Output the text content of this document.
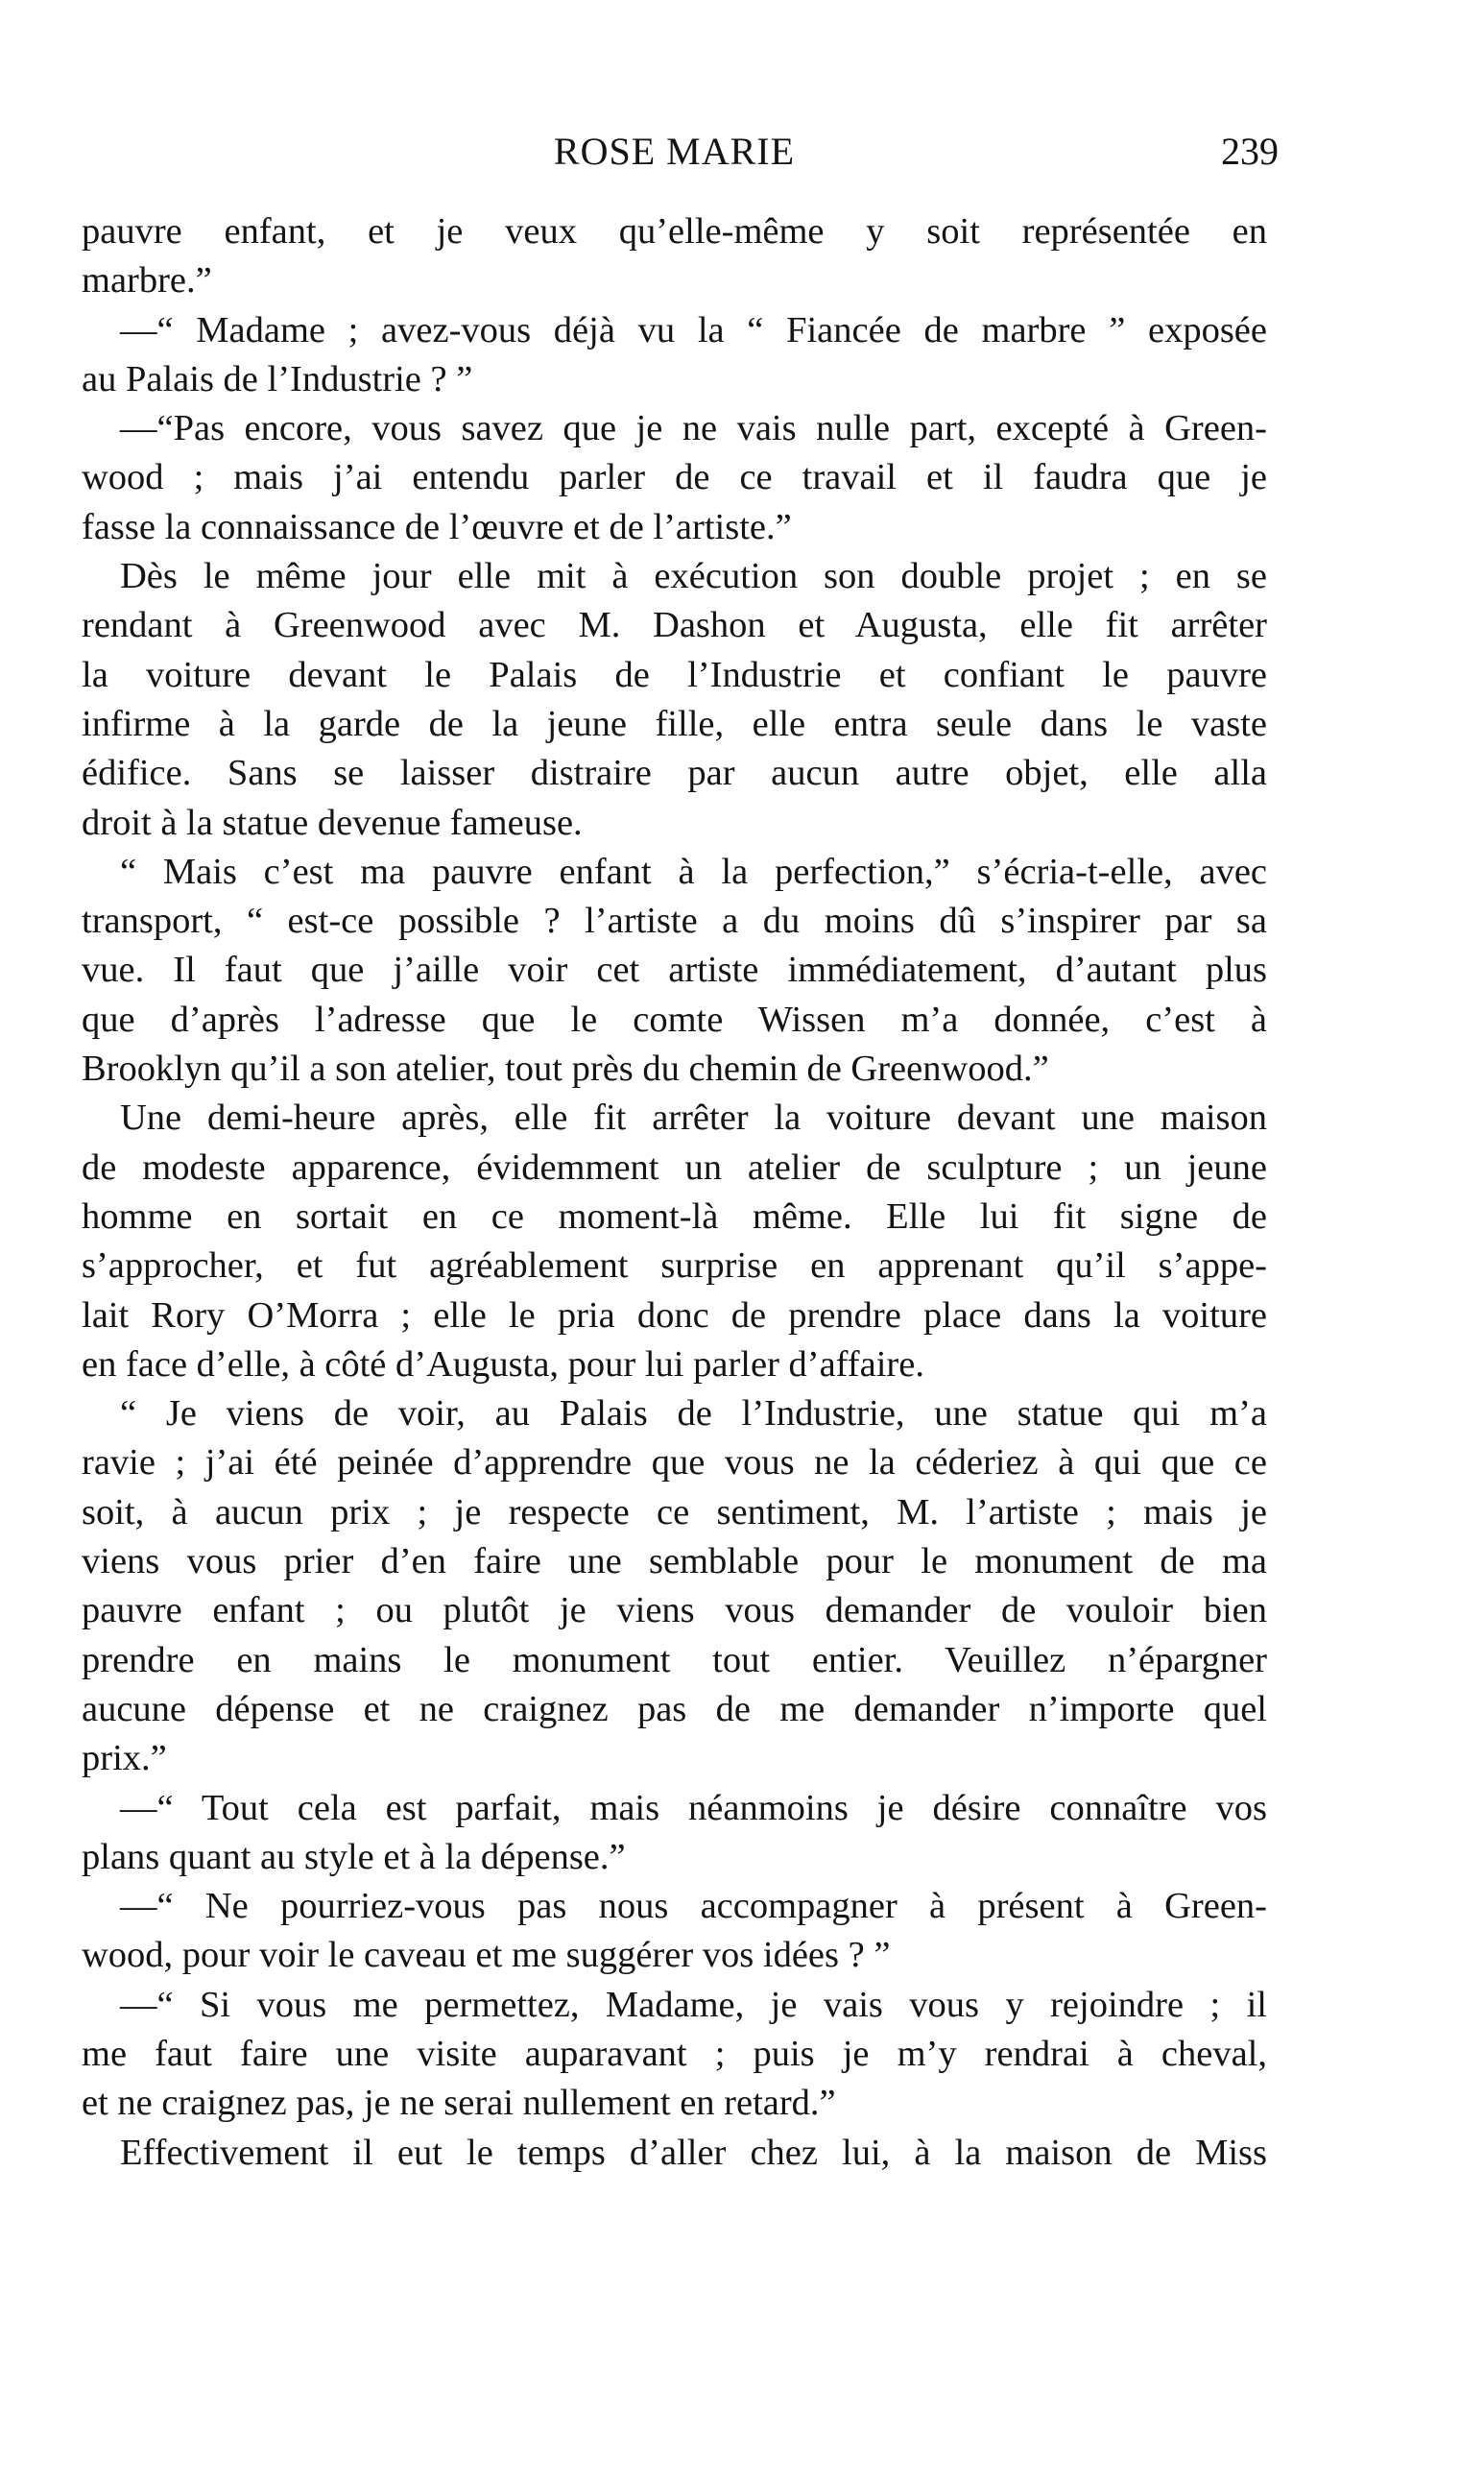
ROSE MARIE	239
pauvre enfant, et je veux qu’elle-même y soit représentée en
marbre.”
—“ Madame ; avez-vous déjà vu la “ Fiancée de marbre ” exposée
au Palais de l’Industrie ? ”
—“Pas encore, vous savez que je ne vais nulle part, excepté à Green-
wood ; mais j’ai entendu parler de ce travail et il faudra que je
fasse la connaissance de l’œuvre et de l’artiste.”
Dès le même jour elle mit à exécution son double projet ; en se
rendant à Greenwood avec M. Dashon et Augusta, elle fit arrêter
la voiture devant le Palais de l’Industrie et confiant le pauvre
infirme à la garde de la jeune fille, elle entra seule dans le vaste
édifice. Sans se laisser distraire par aucun autre objet, elle alla
droit à la statue devenue fameuse.
“ Mais c’est ma pauvre enfant à la perfection,” s’écria-t-elle, avec
transport, “ est-ce possible ? l’artiste a du moins dû s’inspirer par sa
vue. Il faut que j’aille voir cet artiste immédiatement, d’autant plus
que d’après l’adresse que le comte Wissen m’a donnée, c’est à
Brooklyn qu’il a son atelier, tout près du chemin de Greenwood.”
Une demi-heure après, elle fit arrêter la voiture devant une maison
de modeste apparence, évidemment un atelier de sculpture ; un jeune
homme en sortait en ce moment-là même. Elle lui fit signe de
s’approcher, et fut agréablement surprise en apprenant qu’il s’appe-
lait Rory O’Morra ; elle le pria donc de prendre place dans la voiture
en face d’elle, à côté d’Augusta, pour lui parler d’affaire.
“ Je viens de voir, au Palais de l’Industrie, une statue qui m’a
ravie ; j’ai été peinée d’apprendre que vous ne la céderiez à qui que ce
soit, à aucun prix ; je respecte ce sentiment, M. l’artiste ; mais je
viens vous prier d’en faire une semblable pour le monument de ma
pauvre enfant ; ou plutôt je viens vous demander de vouloir bien
prendre en mains le monument tout entier. Veuillez n’épargner
aucune dépense et ne craignez pas de me demander n’importe quel
prix.”
—“ Tout cela est parfait, mais néanmoins je désire connaître vos
plans quant au style et à la dépense.”
—“ Ne pourriez-vous pas nous accompagner à présent à Green-
wood, pour voir le caveau et me suggérer vos idées ? ”
—“ Si vous me permettez, Madame, je vais vous y rejoindre ; il
me faut faire une visite auparavant ; puis je m’y rendrai à cheval,
et ne craignez pas, je ne serai nullement en retard.”
Effectivement il eut le temps d’aller chez lui, à la maison de Miss
